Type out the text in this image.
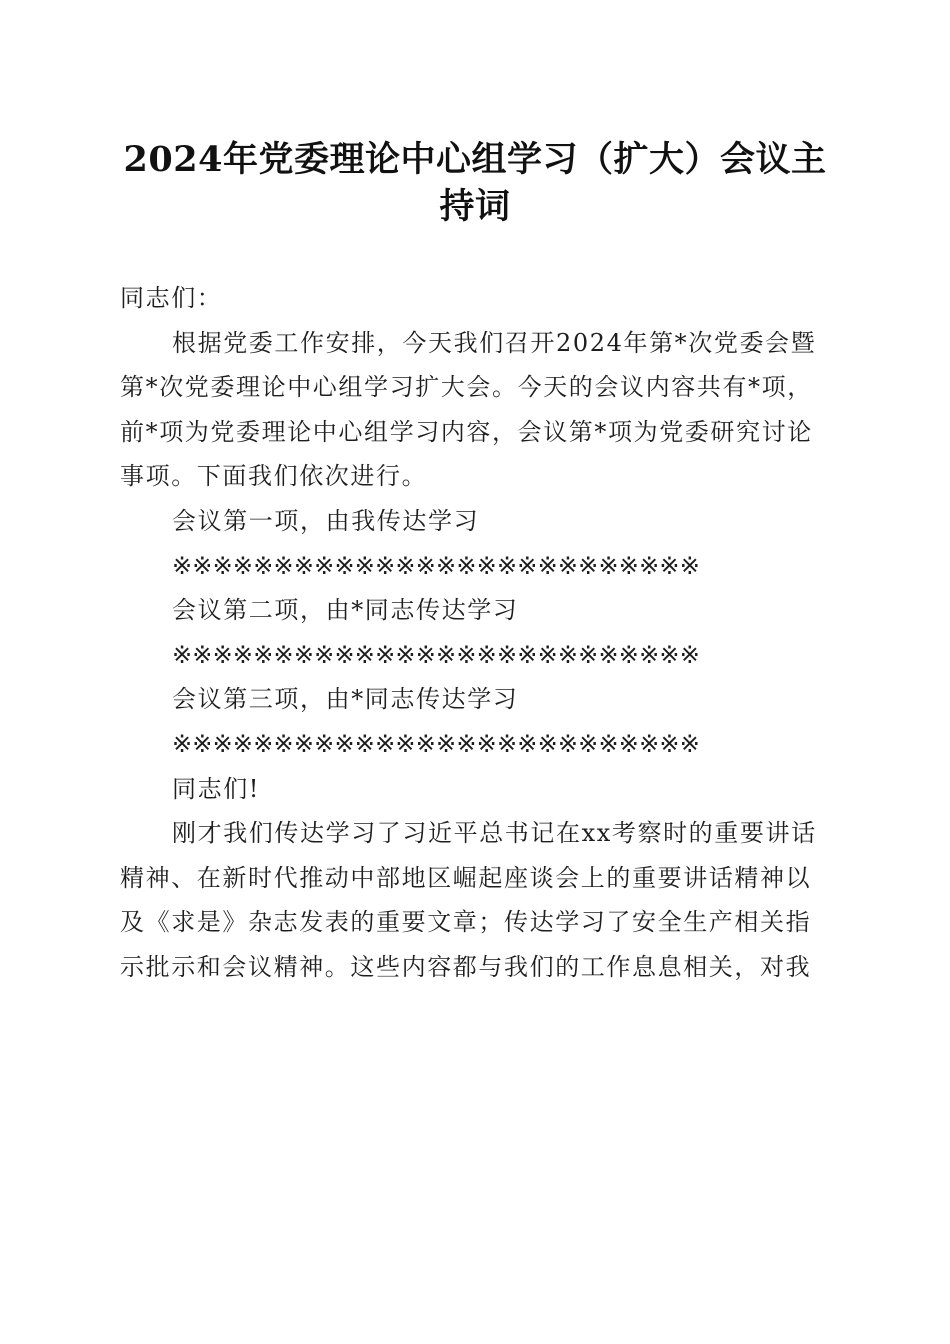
2024年党委理论中心组学习（扩大）会议主持词

同志们：

根据党委工作安排，今天我们召开2024年第*次党委会暨第*次党委理论中心组学习扩大会。今天的会议内容共有*项，前*项为党委理论中心组学习内容，会议第*项为党委研究讨论事项。下面我们依次进行。

会议第一项，由我传达学习

※※※※※※※※※※※※※※※※※※※※※※※※※※

会议第二项，由*同志传达学习

※※※※※※※※※※※※※※※※※※※※※※※※※※

会议第三项，由*同志传达学习

※※※※※※※※※※※※※※※※※※※※※※※※※※

同志们!

刚才我们传达学习了习近平总书记在xx考察时的重要讲话精神、在新时代推动中部地区崛起座谈会上的重要讲话精神以及《求是》杂志发表的重要文章；传达学习了安全生产相关指示批示和会议精神。这些内容都与我们的工作息息相关，对我
